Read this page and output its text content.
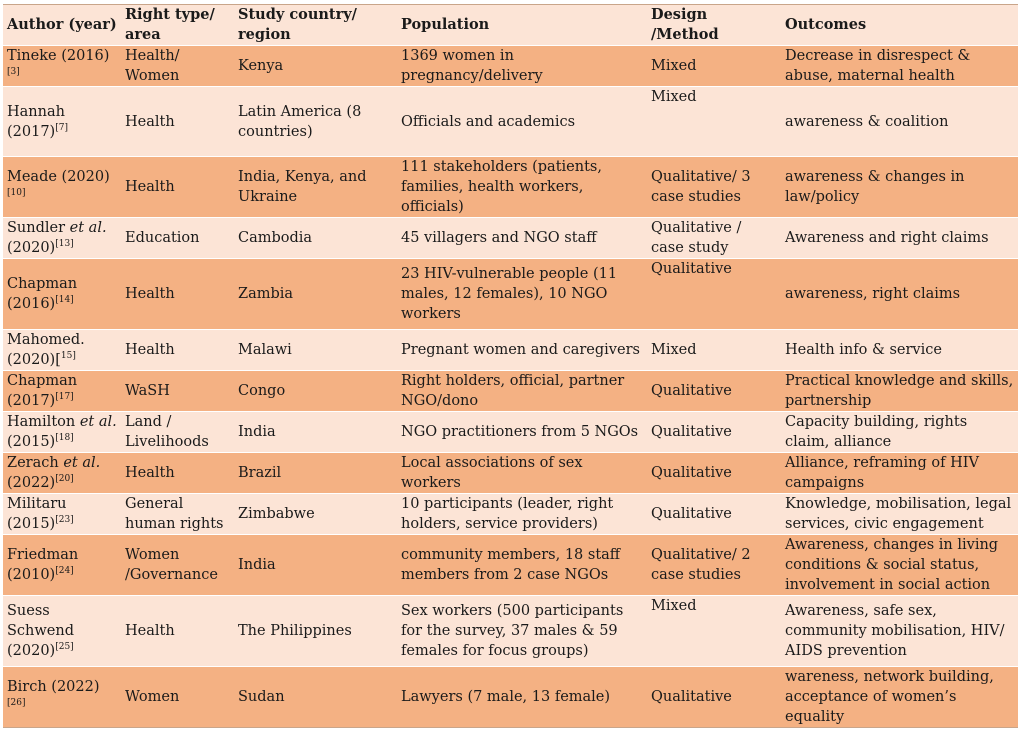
Author (year)	Right type/ area	Study country/ region	Population	Design /Method	Outcomes
Tineke (2016)[3]	Health/ Women	Kenya	1369 women in pregnancy/delivery	Mixed	Decrease in disrespect & abuse, maternal health
Hannah (2017)[7]	Health	Latin America (8 countries)	Officials and academics	Mixed	awareness & coalition
Meade (2020)[10]	Health	India, Kenya, and Ukraine	111 stakeholders (patients, families, health workers, officials)	Qualitative/ 3 case studies	awareness & changes in law/policy
Sundler et al. (2020)[13]	Education	Cambodia	45 villagers and NGO staff	Qualitative / case study	Awareness and right claims
Chapman (2016)[14]	Health	Zambia	23 HIV-vulnerable people (11 males, 12 females), 10 NGO workers	Qualitative	awareness, right claims
Mahomed. (2020)[$^{15]}$	Health	Malawi	Pregnant women and caregivers	Mixed	Health info & service
Chapman (2017)[17]	WaSH	Congo	Right holders, official, partner NGO/dono	Qualitative	Practical knowledge and skills, partnership
Hamilton et al. (2015)[18]	Land / Livelihoods	India	NGO practitioners from 5 NGOs	Qualitative	Capacity building, rights claim, alliance
Zerach et al. (2022)[20]	Health	Brazil	Local associations of sex workers	Qualitative	Alliance, reframing of HIV campaigns
Militaru (2015)[23]	General human rights	Zimbabwe	10 participants (leader, right holders, service providers)	Qualitative	Knowledge, mobilisation, legal services, civic engagement
Friedman (2010)[24]	Women /Governance	India	community members, 18 staff members from 2 case NGOs	Qualitative/ 2 case studies	Awareness, changes in living conditions & social status, involvement in social action
Suess Schwend (2020)[25]	Health	The Philippines	Sex workers (500 participants for the survey, 37 males & 59 females for focus groups)	Mixed	Awareness, safe sex, community mobilisation, HIV/ AIDS prevention
Birch (2022)[26]	Women	Sudan	Lawyers (7 male, 13 female)	Qualitative	wareness, network building, acceptance of women’s equality
